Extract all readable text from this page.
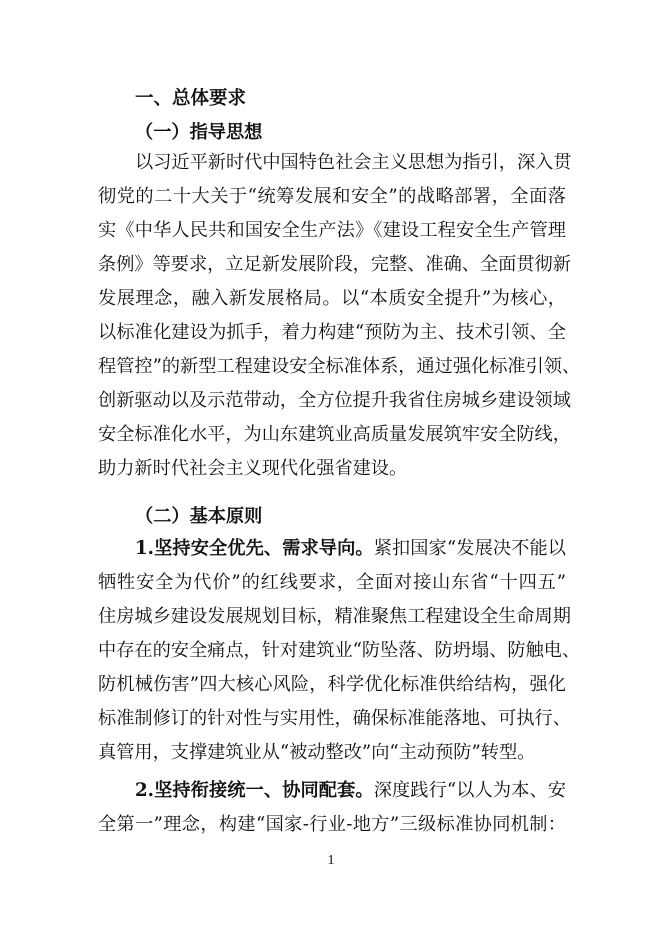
一、总体要求
（一）指导思想
以习近平新时代中国特色社会主义思想为指引，深入贯
彻党的二十大关于“统筹发展和安全”的战略部署，全面落
实《中华人民共和国安全生产法》《建设工程安全生产管理
条例》等要求，立足新发展阶段，完整、准确、全面贯彻新
发展理念，融入新发展格局。以“本质安全提升”为核心，
以标准化建设为抓手，着力构建“预防为主、技术引领、全
程管控”的新型工程建设安全标准体系，通过强化标准引领、
创新驱动以及示范带动，全方位提升我省住房城乡建设领域
安全标准化水平，为山东建筑业高质量发展筑牢安全防线，
助力新时代社会主义现代化强省建设。
（二）基本原则
1.坚持安全优先、需求导向。紧扣国家“发展决不能以
牺牲安全为代价”的红线要求，全面对接山东省“十四五”
住房城乡建设发展规划目标，精准聚焦工程建设全生命周期
中存在的安全痛点，针对建筑业“防坠落、防坍塌、防触电、
防机械伤害”四大核心风险，科学优化标准供给结构，强化
标准制修订的针对性与实用性，确保标准能落地、可执行、
真管用，支撑建筑业从“被动整改”向“主动预防”转型。
2.坚持衔接统一、协同配套。深度践行“以人为本、安
全第一”理念，构建“国家-行业-地方”三级标准协同机制：
1
